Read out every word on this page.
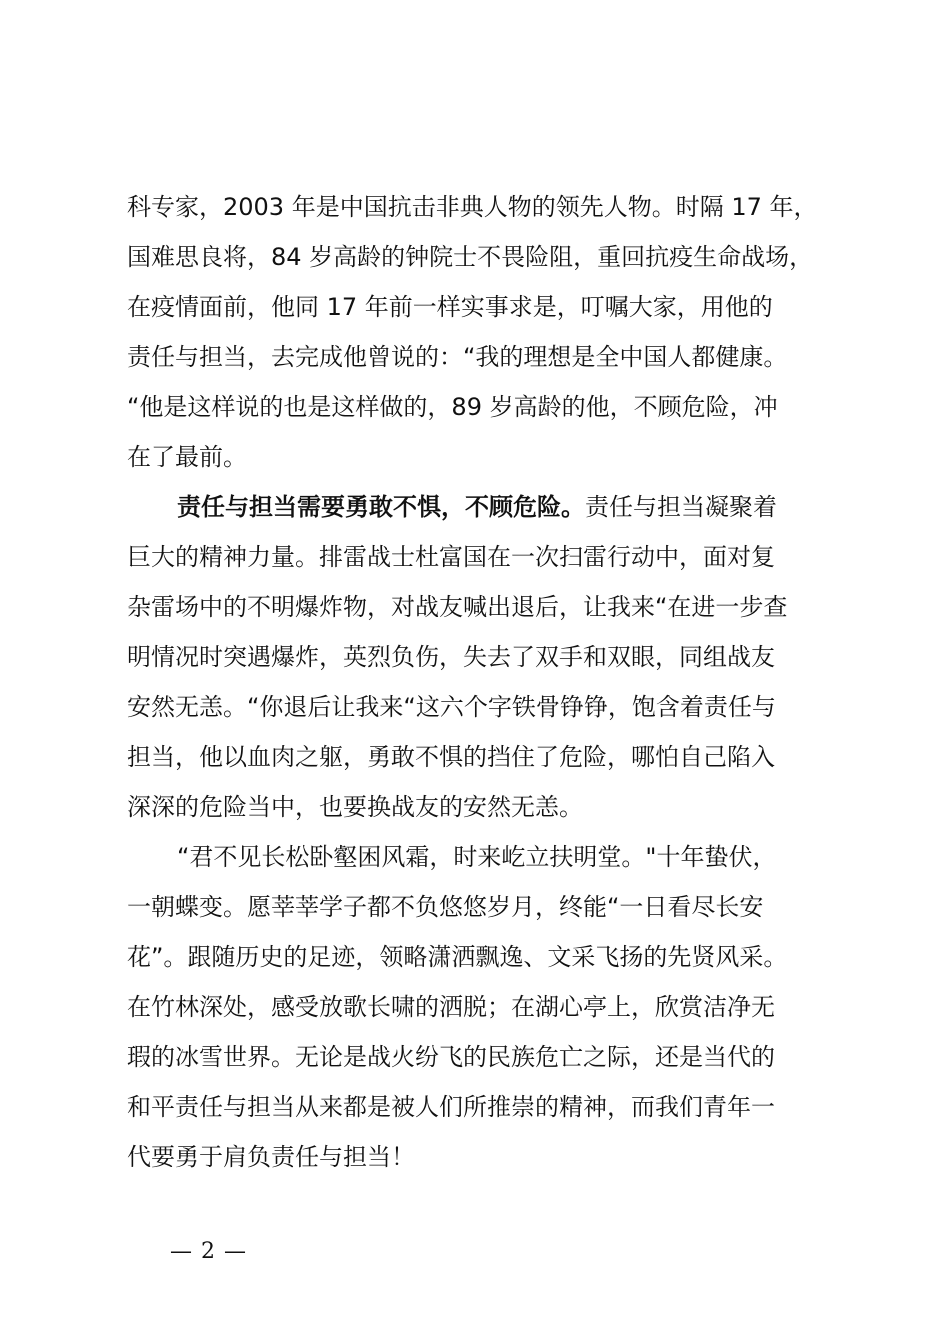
科专家，2003 年是中国抗击非典人物的领先人物。时隔 17 年，
国难思良将，84 岁高龄的钟院士不畏险阻，重回抗疫生命战场，
在疫情面前，他同 17 年前一样实事求是，叮嘱大家，用他的
责任与担当，去完成他曾说的：“我的理想是全中国人都健康。
“他是这样说的也是这样做的，89 岁高龄的他，不顾危险，冲
在了最前。
责任与担当需要勇敢不惧，不顾危险。责任与担当凝聚着
巨大的精神力量。排雷战士杜富国在一次扫雷行动中，面对复
杂雷场中的不明爆炸物，对战友喊出退后，让我来“在进一步查
明情况时突遇爆炸，英烈负伤，失去了双手和双眼，同组战友
安然无恙。“你退后让我来“这六个字铁骨铮铮，饱含着责任与
担当，他以血肉之躯，勇敢不惧的挡住了危险，哪怕自己陷入
深深的危险当中，也要换战友的安然无恙。
“君不见长松卧壑困风霜，时来屹立扶明堂。"十年蛰伏，
一朝蝶变。愿莘莘学子都不负悠悠岁月，终能“一日看尽长安
花”。跟随历史的足迹，领略潇洒飘逸、文采飞扬的先贤风采。
在竹林深处，感受放歌长啸的洒脱；在湖心亭上，欣赏洁净无
瑕的冰雪世界。无论是战火纷飞的民族危亡之际，还是当代的
和平责任与担当从来都是被人们所推崇的精神，而我们青年一
代要勇于肩负责任与担当！
— 2 —
